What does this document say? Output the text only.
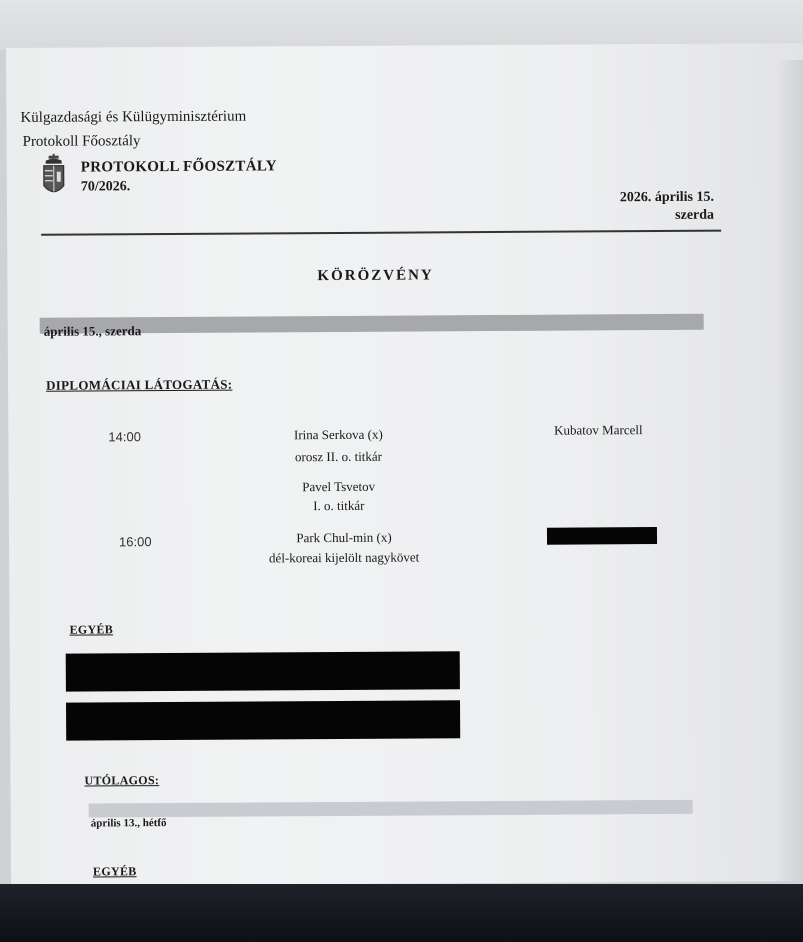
Külgazdasági és Külügyminisztérium
Protokoll Főosztály
PROTOKOLL FŐOSZTÁLY
70/2026.
2026. április 15.
szerda
KÖRÖZVÉNY
április 15., szerda
DIPLOMÁCIAI LÁTOGATÁS:
14:00	Irina Serkova (x)
orosz II. o. titkár
Pavel Tsvetov
I. o. titkár
Kubatov Marcell
16:00	Park Chul-min (x)
dél-koreai kijelölt nagykövet
EGYÉB
UTÓLAGOS:
április 13., hétfő
EGYÉB
